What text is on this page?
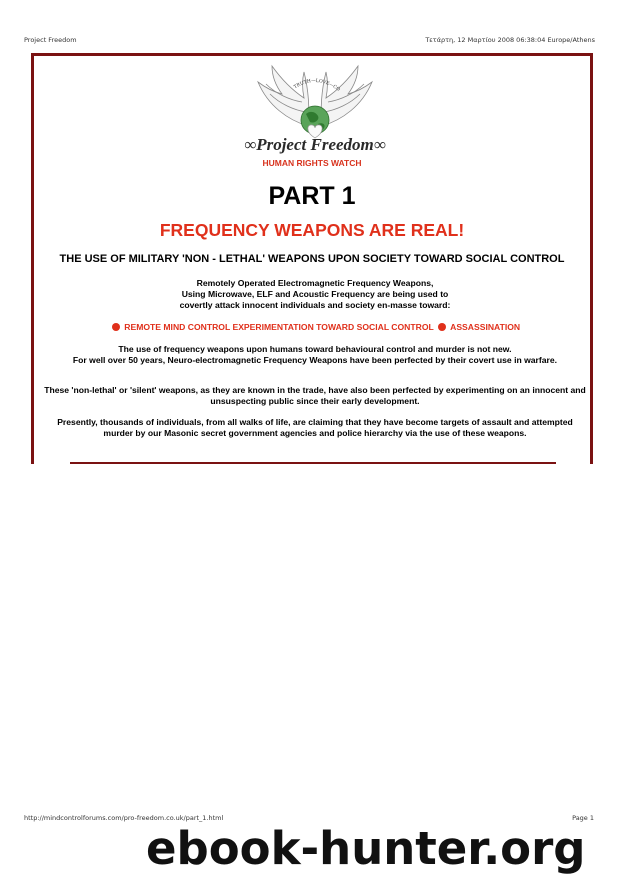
Project Freedom	Τετάρτη, 12 Μαρτίου 2008 06:38:04 Europe/Athens
TRUTH—LOVE—CO
∞Project Freedom∞
HUMAN RIGHTS WATCH
PART 1
FREQUENCY WEAPONS ARE REAL!
THE USE OF MILITARY 'NON - LETHAL' WEAPONS UPON SOCIETY TOWARD SOCIAL CONTROL
Remotely Operated Electromagnetic Frequency Weapons,
Using Microwave, ELF and Acoustic Frequency are being used to
covertly attack innocent individuals and society en-masse toward:
REMOTE MIND CONTROL EXPERIMENTATION TOWARD SOCIAL CONTROL ASSASSINATION
The use of frequency weapons upon humans toward behavioural control and murder is not new.
For well over 50 years, Neuro-electromagnetic Frequency Weapons have been perfected by their covert use in warfare.
These 'non-lethal' or 'silent' weapons, as they are known in the trade, have also been perfected by experimenting on an innocent and unsuspecting public since their early development.
Presently, thousands of individuals, from all walks of life, are claiming that they have become targets of assault and attempted murder by our Masonic secret government agencies and police hierarchy via the use of these weapons.
http://mindcontrolforums.com/pro-freedom.co.uk/part_1.html	Page 1
ebook-hunter.org
